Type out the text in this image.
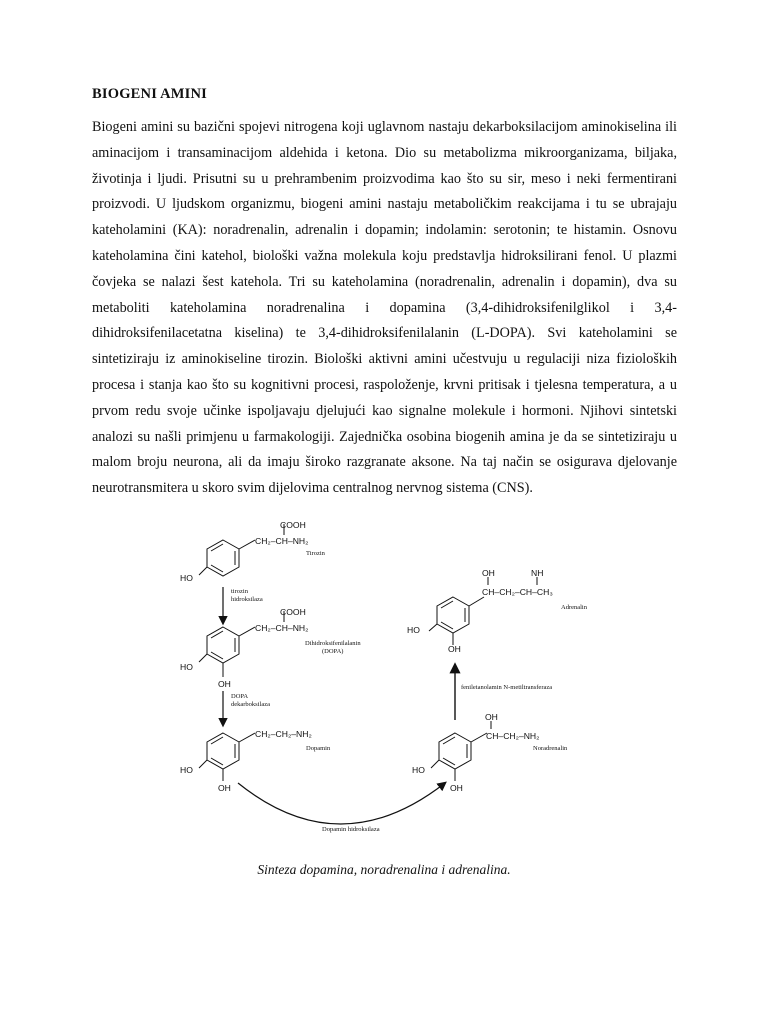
BIOGENI AMINI

Biogeni amini su bazični spojevi nitrogena koji uglavnom nastaju dekarboksilacijom aminokiselina ili aminacijom i transaminacijom aldehida i ketona. Dio su metabolizma mikroorganizama, biljaka, životinja i ljudi. Prisutni su u prehrambenim proizvodima kao što su sir, meso i neki fermentirani proizvodi. U ljudskom organizmu, biogeni amini nastaju metaboličkim reakcijama i tu se ubrajaju kateholamini (KA): noradrenalin, adrenalin i dopamin; indolamin: serotonin; te histamin. Osnovu kateholamina čini katehol, biološki važna molekula koju predstavlja hidroksilirani fenol. U plazmi čovjeka se nalazi šest katehola. Tri su kateholamina (noradrenalin, adrenalin i dopamin), dva su metaboliti kateholamina noradrenalina i dopamina (3,4-dihidroksifenilglikol i 3,4-dihidroksifenilacetatna kiselina) te 3,4-dihidroksifenilalanin (L-DOPA). Svi kateholamini se sintetiziraju iz aminokiseline tirozin. Biološki aktivni amini učestvuju u regulaciji niza fizioloških procesa i stanja kao što su kognitivni procesi, raspoloženje, krvni pritisak i tjelesna temperatura, a u prvom redu svoje učinke ispoljavaju djelujući kao signalne molekule i hormoni. Njihovi sintetski analozi su našli primjenu u farmakologiji. Zajednička osobina biogenih amina je da se sintetiziraju u malom broju neurona, ali da imaju široko razgranate aksone. Na taj način se osigurava djelovanje neurotransmitera u skoro svim dijelovima centralnog nervnog sistema (CNS).

HO
CH₂–CH–NH₂
COOH
Tirozin
tirozin
hidroksilaza
HO
OH
CH₂–CH–NH₂
COOH
Dihidroksifenilalanin
(DOPA)
DOPA
dekarboksilaza
HO
OH
CH₂–CH₂–NH₂
Dopamin
Dopamin hidroksilaza
HO
OH
CH–CH₂–NH₂
OH
Noradrenalin
feniletanolamin N-metiltransferaza
HO
OH
CH–CH₂–CH–CH₃
OH	NH
Adrenalin
Sinteza dopamina, noradrenalina i adrenalina.
